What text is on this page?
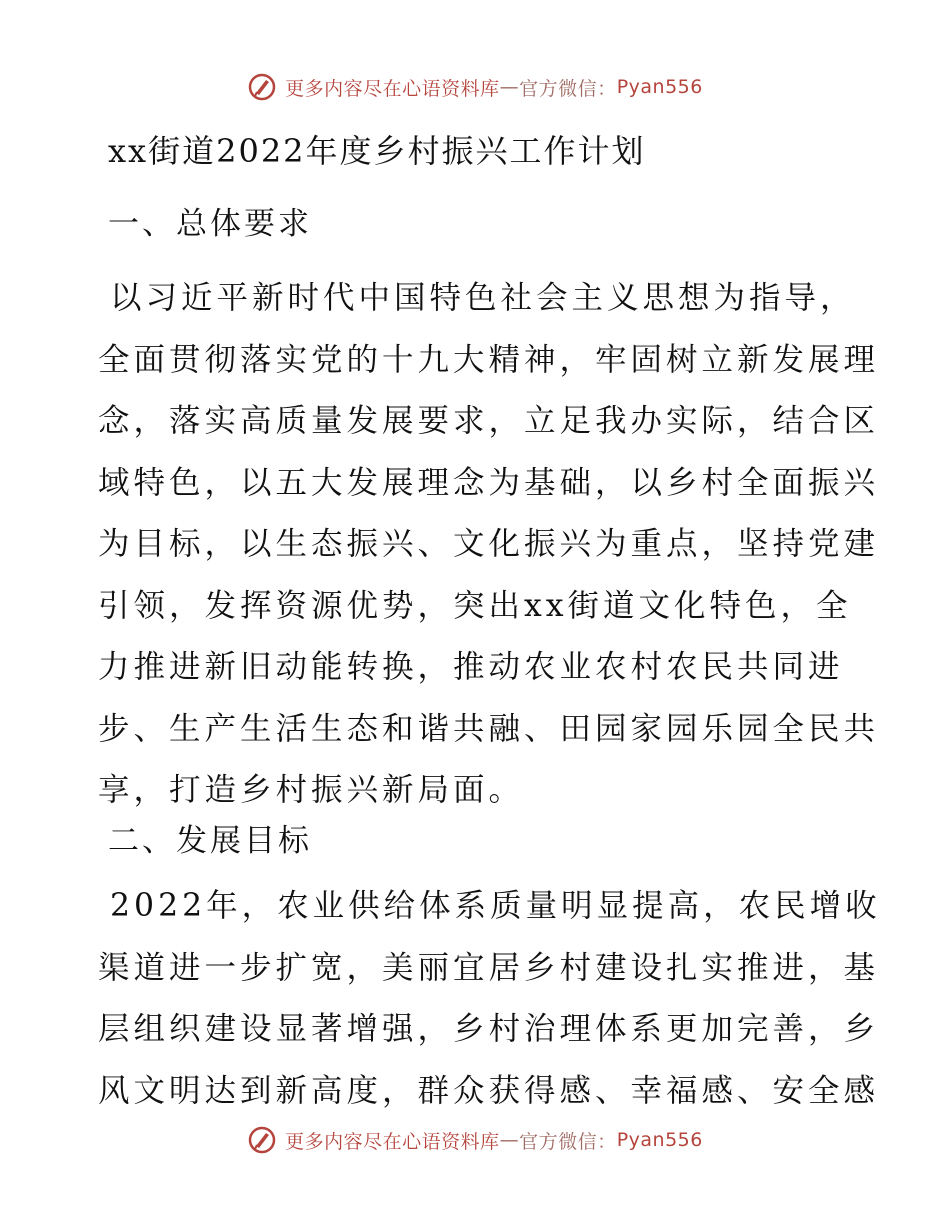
更多内容尽在心语资料库 — 官方微信： Pyan556
xx街道2022年度乡村振兴工作计划
一、总体要求
以习近平新时代中国特色社会主义思想为指导，
全面贯彻落实党的十九大精神，牢固树立新发展理
念，落实高质量发展要求，立足我办实际，结合区
域特色，以五大发展理念为基础，以乡村全面振兴
为目标，以生态振兴、文化振兴为重点，坚持党建
引领，发挥资源优势，突出xx街道文化特色，全
力推进新旧动能转换，推动农业农村农民共同进
步、生产生活生态和谐共融、田园家园乐园全民共
享，打造乡村振兴新局面。
二、发展目标
2022年，农业供给体系质量明显提高，农民增收
渠道进一步扩宽，美丽宜居乡村建设扎实推进，基
层组织建设显著增强，乡村治理体系更加完善，乡
风文明达到新高度，群众获得感、幸福感、安全感
更多内容尽在心语资料库 — 官方微信： Pyan556
